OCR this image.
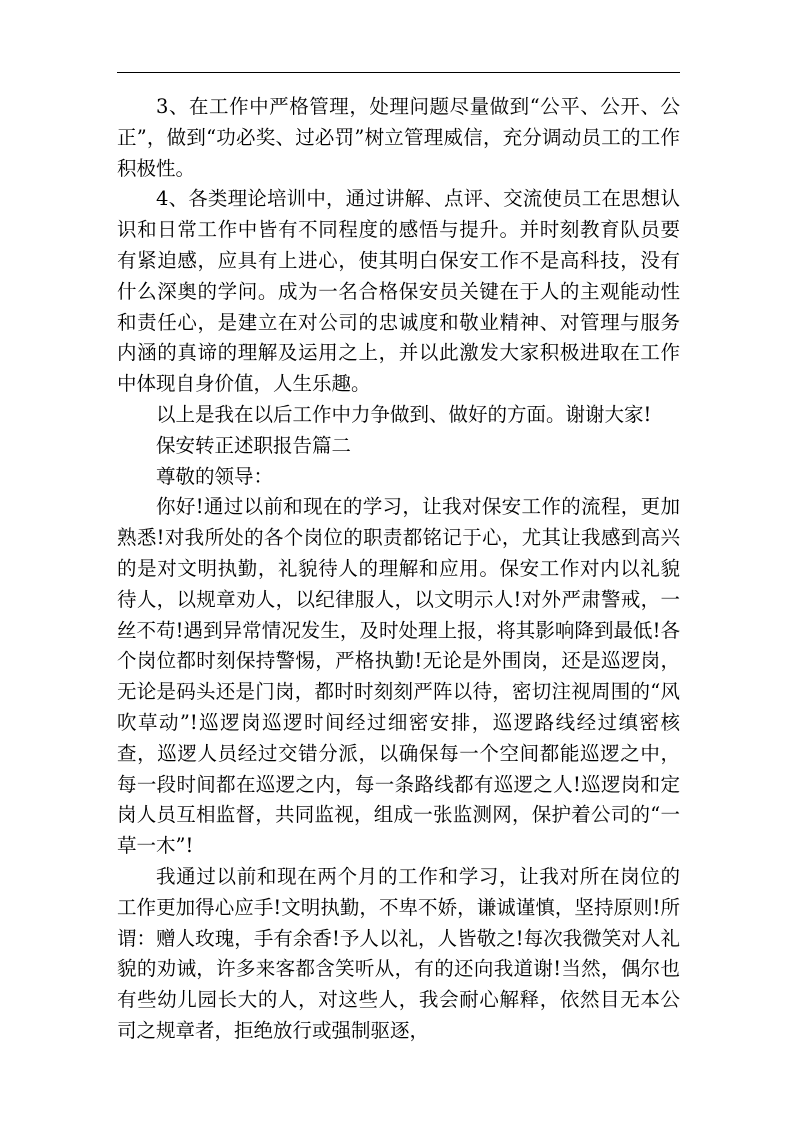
3、在工作中严格管理，处理问题尽量做到“公平、公开、公正”，做到“功必奖、过必罚”树立管理威信，充分调动员工的工作积极性。

4、各类理论培训中，通过讲解、点评、交流使员工在思想认识和日常工作中皆有不同程度的感悟与提升。并时刻教育队员要有紧迫感，应具有上进心，使其明白保安工作不是高科技，没有什么深奥的学问。成为一名合格保安员关键在于人的主观能动性和责任心，是建立在对公司的忠诚度和敬业精神、对管理与服务内涵的真谛的理解及运用之上，并以此激发大家积极进取在工作中体现自身价值，人生乐趣。

以上是我在以后工作中力争做到、做好的方面。谢谢大家!

保安转正述职报告篇二

尊敬的领导：

你好!通过以前和现在的学习，让我对保安工作的流程，更加熟悉!对我所处的各个岗位的职责都铭记于心，尤其让我感到高兴的是对文明执勤，礼貌待人的理解和应用。保安工作对内以礼貌待人，以规章劝人，以纪律服人，以文明示人!对外严肃警戒，一丝不苟!遇到异常情况发生，及时处理上报，将其影响降到最低!各个岗位都时刻保持警惕，严格执勤!无论是外围岗，还是巡逻岗，无论是码头还是门岗，都时时刻刻严阵以待，密切注视周围的“风吹草动”!巡逻岗巡逻时间经过细密安排，巡逻路线经过缜密核查，巡逻人员经过交错分派，以确保每一个空间都能巡逻之中，每一段时间都在巡逻之内，每一条路线都有巡逻之人!巡逻岗和定岗人员互相监督，共同监视，组成一张监测网，保护着公司的“一草一木”!

我通过以前和现在两个月的工作和学习，让我对所在岗位的工作更加得心应手!文明执勤，不卑不娇，谦诚谨慎，坚持原则!所谓：赠人玫瑰，手有余香!予人以礼，人皆敬之!每次我微笑对人礼貌的劝诫，许多来客都含笑听从，有的还向我道谢!当然，偶尔也有些幼儿园长大的人，对这些人，我会耐心解释，依然目无本公司之规章者，拒绝放行或强制驱逐，
